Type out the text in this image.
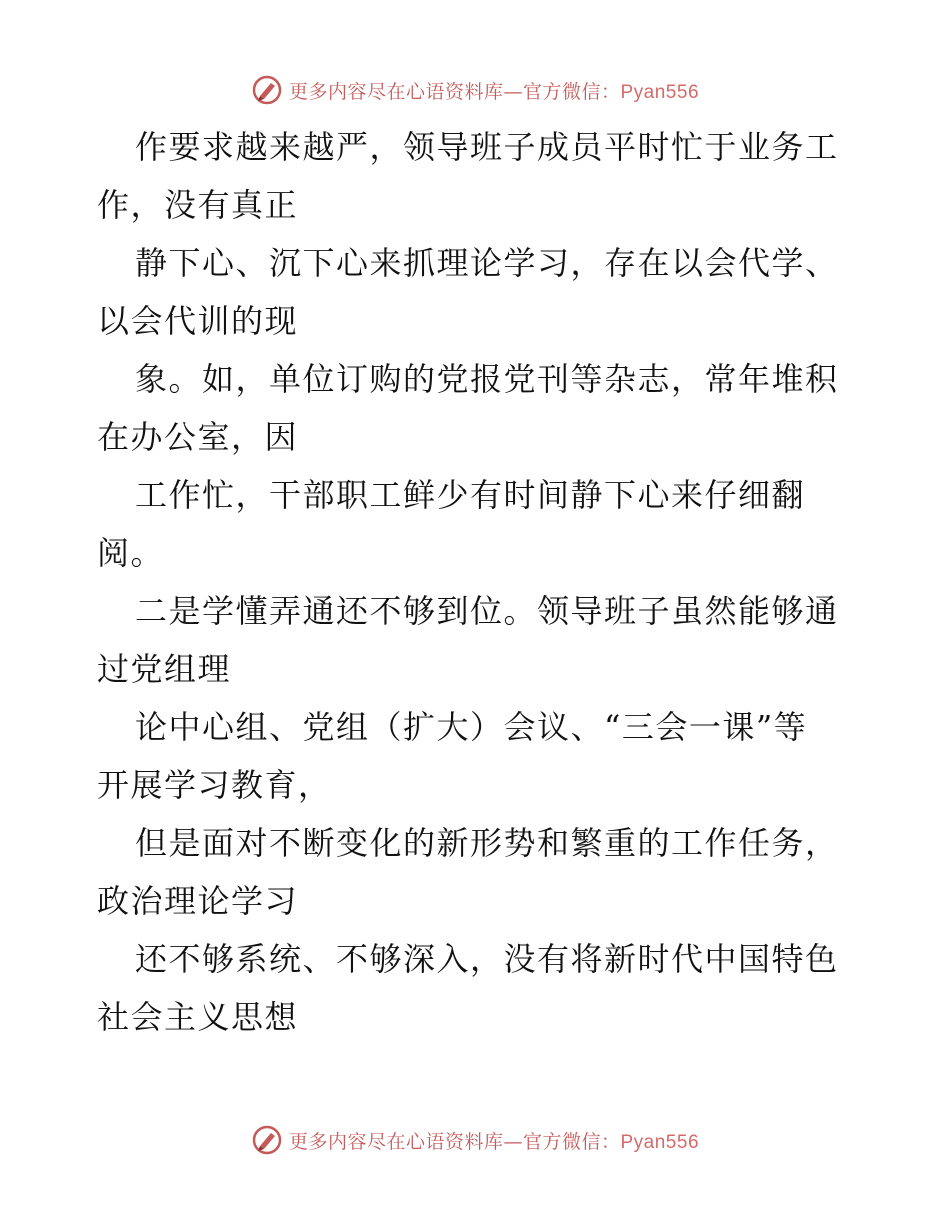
更多内容尽在心语资料库—官方微信：Pyan556
作要求越来越严，领导班子成员平时忙于业务工
作，没有真正
静下心、沉下心来抓理论学习，存在以会代学、
以会代训的现
象。如，单位订购的党报党刊等杂志，常年堆积
在办公室，因
工作忙，干部职工鲜少有时间静下心来仔细翻
阅。
二是学懂弄通还不够到位。领导班子虽然能够通
过党组理
论中心组、党组（扩大）会议、“三会一课”等
开展学习教育，
但是面对不断变化的新形势和繁重的工作任务，
政治理论学习
还不够系统、不够深入，没有将新时代中国特色
社会主义思想
更多内容尽在心语资料库—官方微信：Pyan556
